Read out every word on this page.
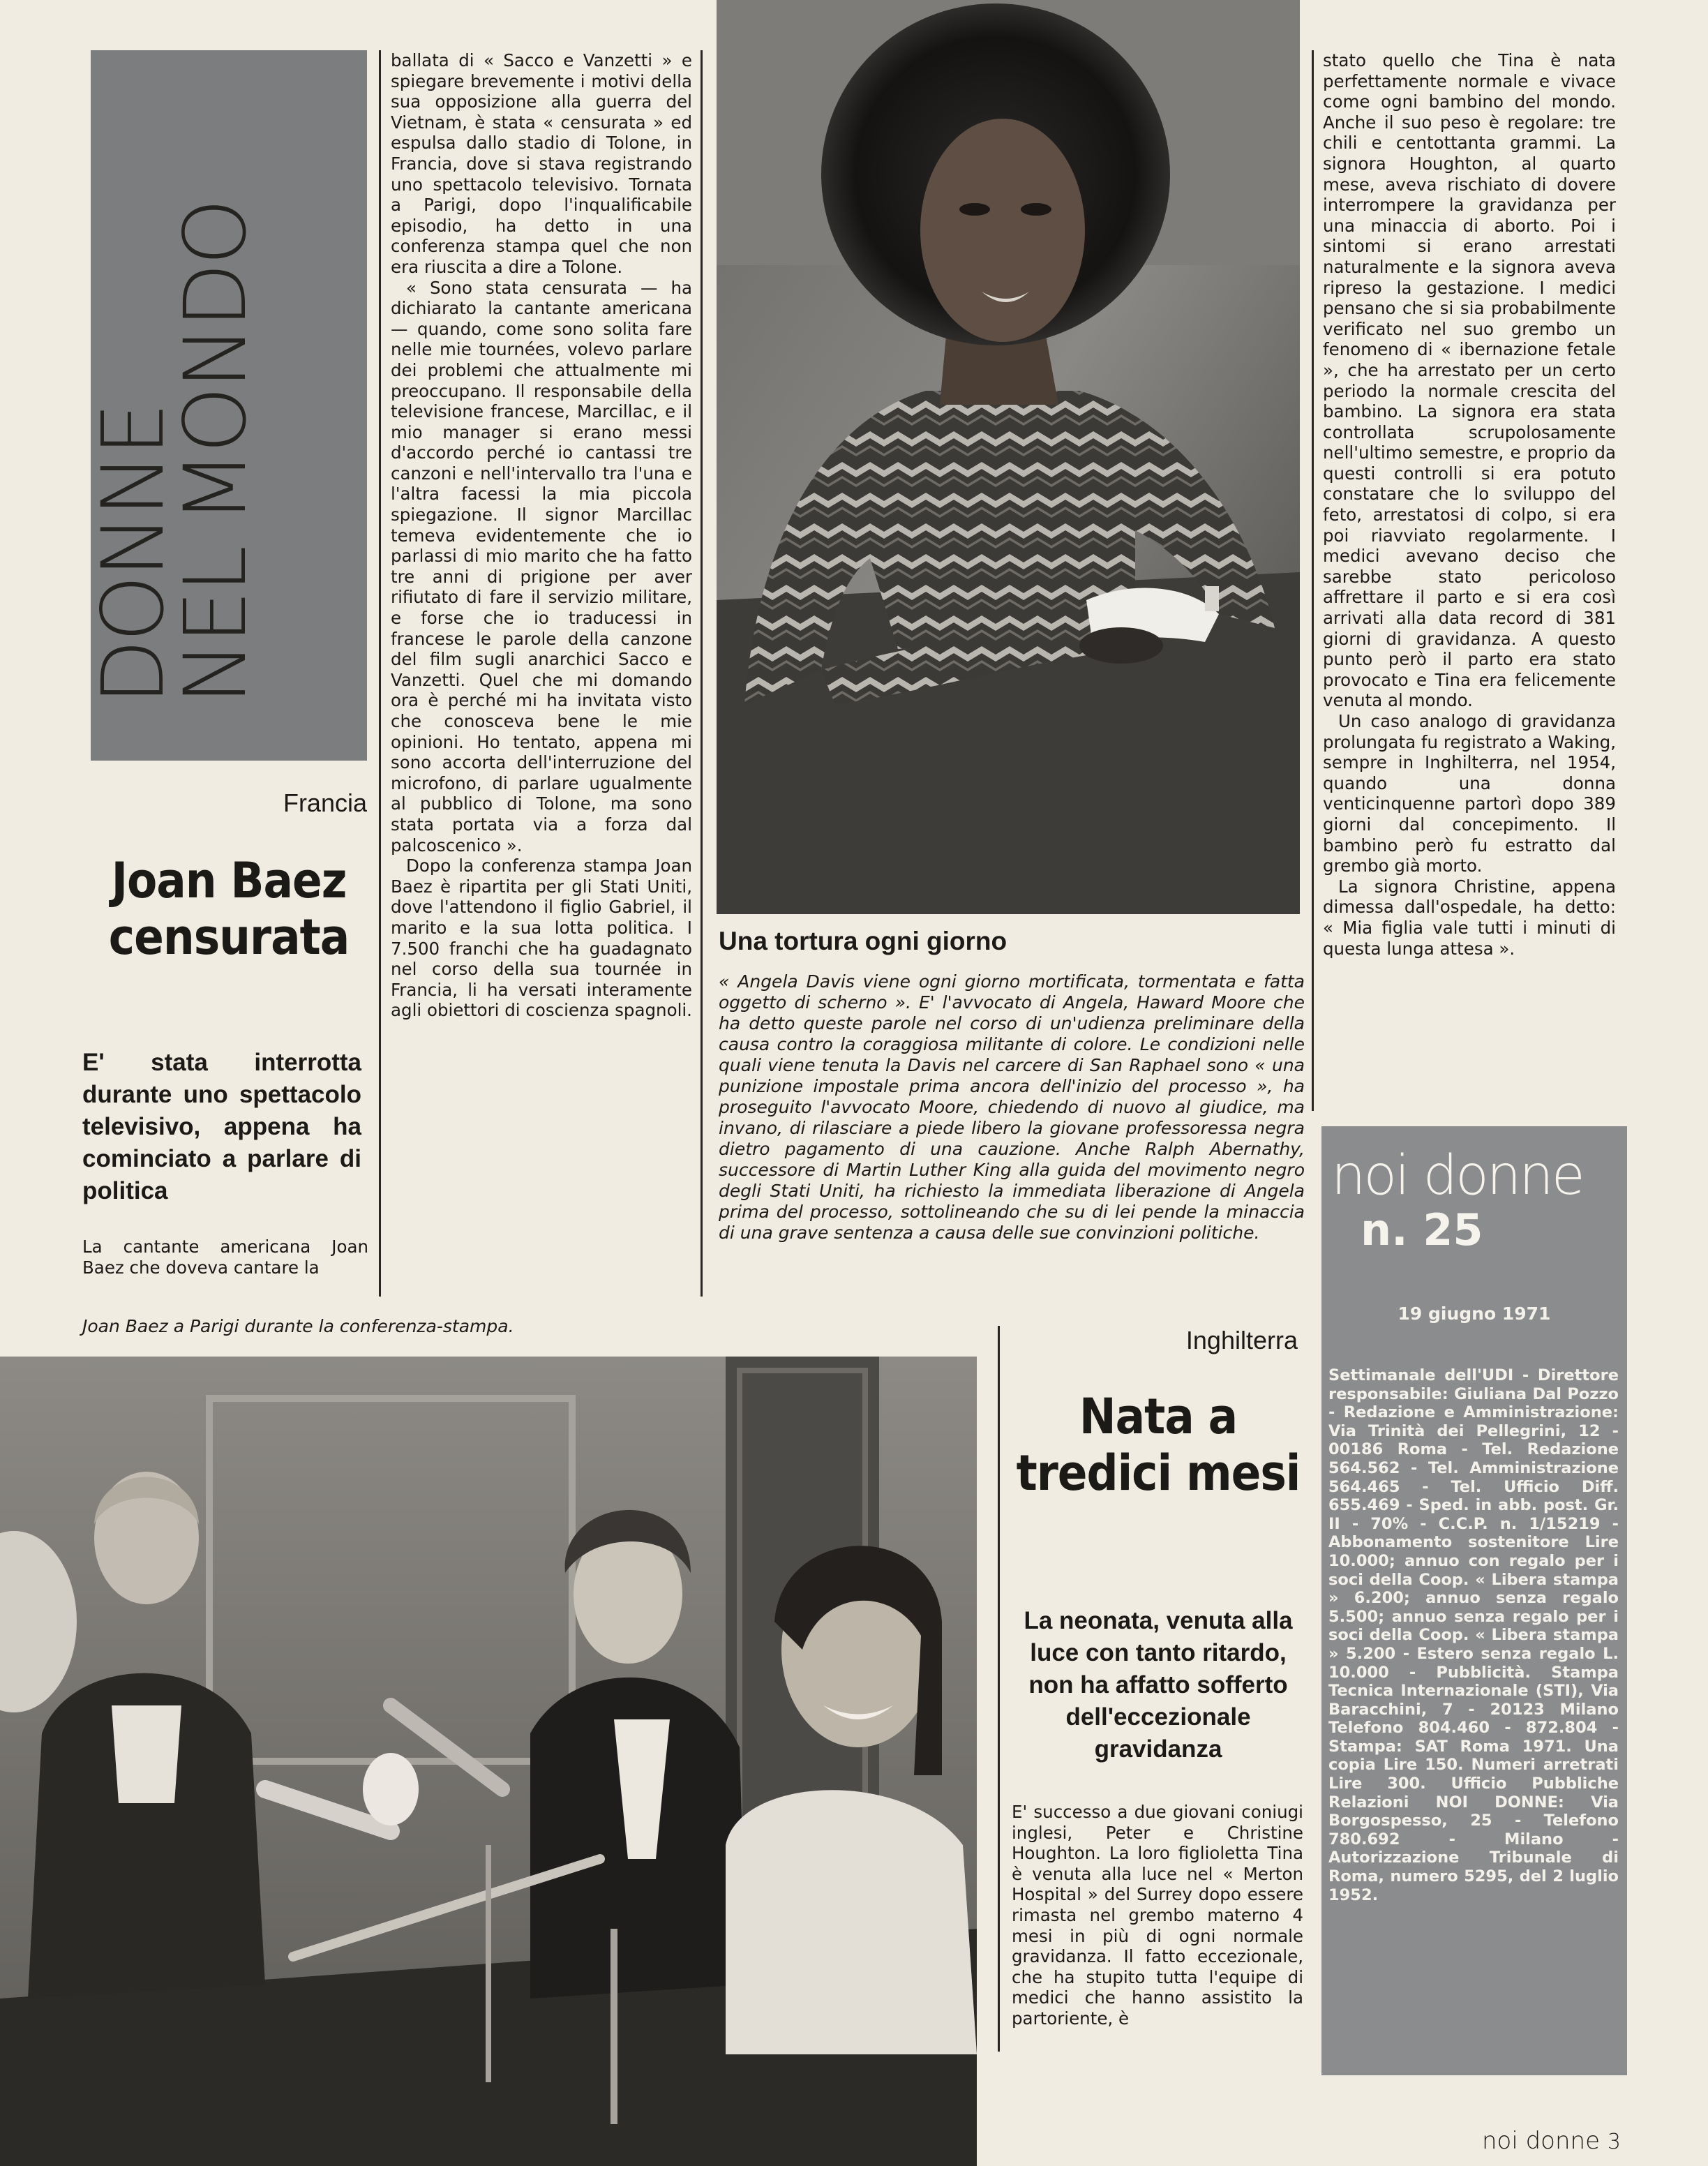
DONNE
NEL MONDO
Francia
Joan Baez censurata
E' stata interrotta durante uno spettacolo televisivo, appena ha cominciato a parlare di politica
La cantante americana Joan Baez che doveva cantare la

ballata di « Sacco e Vanzetti » e spiegare brevemente i motivi della sua opposizione alla guerra del Vietnam, è stata « censurata » ed espulsa dallo stadio di Tolone, in Francia, dove si stava registrando uno spettacolo televisivo. Tornata a Parigi, dopo l'inqualificabile episodio, ha detto in una conferenza stampa quel che non era riuscita a dire a Tolone.

« Sono stata censurata — ha dichiarato la cantante americana — quando, come sono solita fare nelle mie tournées, volevo parlare dei problemi che attualmente mi preoccupano. Il responsabile della televisione francese, Marcillac, e il mio manager si erano messi d'accordo perché io cantassi tre canzoni e nell'intervallo tra l'una e l'altra facessi la mia piccola spiegazione. Il signor Marcillac temeva evidentemente che io parlassi di mio marito che ha fatto tre anni di prigione per aver rifiutato di fare il servizio militare, e forse che io traducessi in francese le parole della canzone del film sugli anarchici Sacco e Vanzetti. Quel che mi domando ora è perché mi ha invitata visto che conosceva bene le mie opinioni. Ho tentato, appena mi sono accorta dell'interruzione del microfono, di parlare ugualmente al pubblico di Tolone, ma sono stata portata via a forza dal palcoscenico ».

Dopo la conferenza stampa Joan Baez è ripartita per gli Stati Uniti, dove l'attendono il figlio Gabriel, il marito e la sua lotta politica. I 7.500 franchi che ha guadagnato nel corso della sua tournée in Francia, li ha versati interamente agli obiettori di coscienza spagnoli.

Una tortura ogni giorno
« Angela Davis viene ogni giorno mortificata, tormentata e fatta oggetto di scherno ». E' l'avvocato di Angela, Haward Moore che ha detto queste parole nel corso di un'udienza preliminare della causa contro la coraggiosa militante di colore. Le condizioni nelle quali viene tenuta la Davis nel carcere di San Raphael sono « una punizione impostale prima ancora dell'inizio del processo », ha proseguito l'avvocato Moore, chiedendo di nuovo al giudice, ma invano, di rilasciare a piede libero la giovane professoressa negra dietro pagamento di una cauzione. Anche Ralph Abernathy, successore di Martin Luther King alla guida del movimento negro degli Stati Uniti, ha richiesto la immediata liberazione di Angela prima del processo, sottolineando che su di lei pende la minaccia di una grave sentenza a causa delle sue convinzioni politiche.

stato quello che Tina è nata perfettamente normale e vivace come ogni bambino del mondo. Anche il suo peso è regolare: tre chili e centottanta grammi. La signora Houghton, al quarto mese, aveva rischiato di dovere interrompere la gravidanza per una minaccia di aborto. Poi i sintomi si erano arrestati naturalmente e la signora aveva ripreso la gestazione. I medici pensano che si sia probabilmente verificato nel suo grembo un fenomeno di « ibernazione fetale », che ha arrestato per un certo periodo la normale crescita del bambino. La signora era stata controllata scrupolosamente nell'ultimo semestre, e proprio da questi controlli si era potuto constatare che lo sviluppo del feto, arrestatosi di colpo, si era poi riavviato regolarmente. I medici avevano deciso che sarebbe stato pericoloso affrettare il parto e si era così arrivati alla data record di 381 giorni di gravidanza. A questo punto però il parto era stato provocato e Tina era felicemente venuta al mondo.

Un caso analogo di gravidanza prolungata fu registrato a Waking, sempre in Inghilterra, nel 1954, quando una donna venticinquenne partorì dopo 389 giorni dal concepimento. Il bambino però fu estratto dal grembo già morto.

La signora Christine, appena dimessa dall'ospedale, ha detto: « Mia figlia vale tutti i minuti di questa lunga attesa ».

Joan Baez a Parigi durante la conferenza-stampa.	Inghilterra
Nata a tredici mesi
La neonata, venuta alla luce con tanto ritardo, non ha affatto sofferto dell'eccezionale gravidanza
E' successo a due giovani coniugi inglesi, Peter e Christine Houghton. La loro figlioletta Tina è venuta alla luce nel « Merton Hospital » del Surrey dopo essere rimasta nel grembo materno 4 mesi in più di ogni normale gravidanza. Il fatto eccezionale, che ha stupito tutta l'equipe di medici che hanno assistito la partoriente, è
noi donne
n. 25
19 giugno 1971
Settimanale dell'UDI - Direttore responsabile: Giuliana Dal Pozzo - Redazione e Amministrazione: Via Trinità dei Pellegrini, 12 - 00186 Roma - Tel. Redazione 564.562 - Tel. Amministrazione 564.465 - Tel. Ufficio Diff. 655.469 - Sped. in abb. post. Gr. II - 70% - C.C.P. n. 1/15219 - Abbonamento sostenitore Lire 10.000; annuo con regalo per i soci della Coop. « Libera stampa » 6.200; annuo senza regalo 5.500; annuo senza regalo per i soci della Coop. « Libera stampa » 5.200 - Estero senza regalo L. 10.000 - Pubblicità. Stampa Tecnica Internazionale (STI), Via Baracchini, 7 - 20123 Milano Telefono 804.460 - 872.804 - Stampa: SAT Roma 1971. Una copia Lire 150. Numeri arretrati Lire 300. Ufficio Pubbliche Relazioni NOI DONNE: Via Borgospesso, 25 - Telefono 780.692 - Milano - Autorizzazione Tribunale di Roma, numero 5295, del 2 luglio 1952.
noi donne 3
